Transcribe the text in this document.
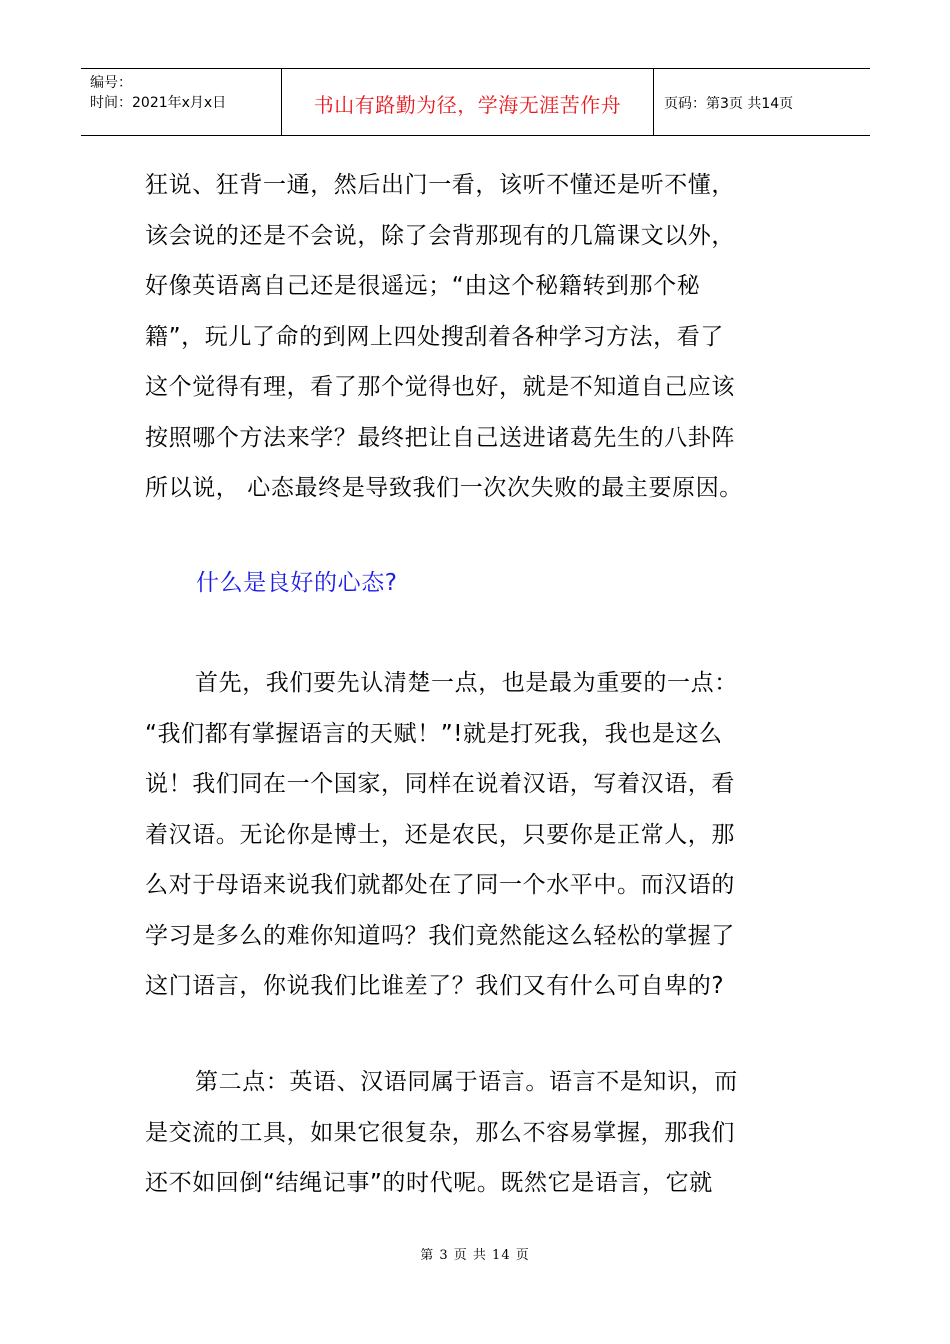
编号：
时间：2021年x月x日	书山有路勤为径，学海无涯苦作舟	页码：第3页 共14页
狂说、狂背一通，然后出门一看，该听不懂还是听不懂，
该会说的还是不会说，除了会背那现有的几篇课文以外，
好像英语离自己还是很遥远；“由这个秘籍转到那个秘
籍”，玩儿了命的到网上四处搜刮着各种学习方法，看了
这个觉得有理，看了那个觉得也好，就是不知道自己应该
按照哪个方法来学？最终把让自己送进诸葛先生的八卦阵
所以说， 心态最终是导致我们一次次失败的最主要原因。
什么是良好的心态?
首先，我们要先认清楚一点，也是最为重要的一点：
“我们都有掌握语言的天赋！”!就是打死我，我也是这么
说！我们同在一个国家，同样在说着汉语，写着汉语，看
着汉语。无论你是博士，还是农民，只要你是正常人，那
么对于母语来说我们就都处在了同一个水平中。而汉语的
学习是多么的难你知道吗？我们竟然能这么轻松的掌握了
这门语言，你说我们比谁差了？我们又有什么可自卑的?
第二点：英语、汉语同属于语言。语言不是知识，而
是交流的工具，如果它很复杂，那么不容易掌握，那我们
还不如回倒“结绳记事”的时代呢。既然它是语言，它就
第 3 页 共 14 页
